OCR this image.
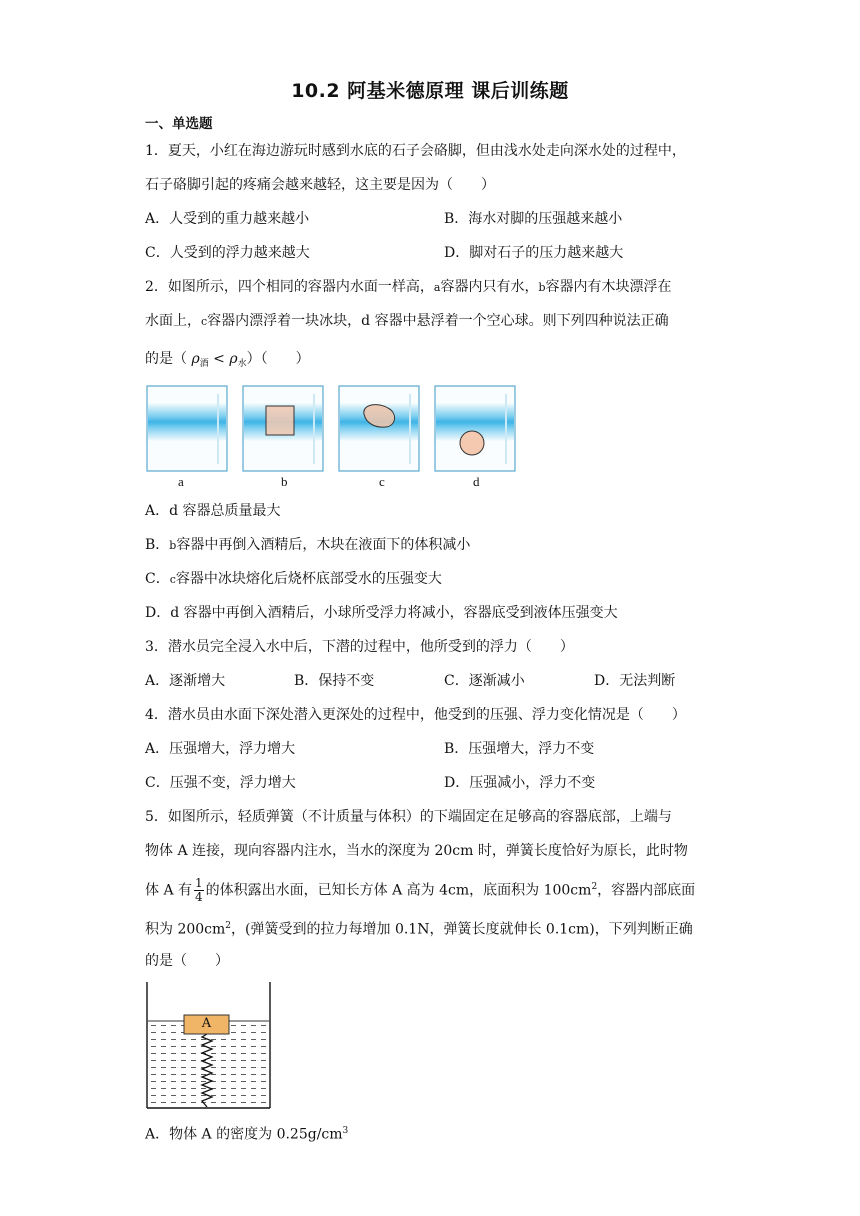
10.2 阿基米德原理 课后训练题
一、单选题
1．夏天，小红在海边游玩时感到水底的石子会硌脚，但由浅水处走向深水处的过程中，
石子硌脚引起的疼痛会越来越轻，这主要是因为（　　）
A．人受到的重力越来越小	B．海水对脚的压强越来越小
C．人受到的浮力越来越大	D．脚对石子的压力越来越大
2．如图所示，四个相同的容器内水面一样高，a容器内只有水，b容器内有木块漂浮在
水面上，c容器内漂浮着一块冰块，d 容器中悬浮着一个空心球。则下列四种说法正确
的是（ $\rho_酒 < \rho_水$）（　　）
a	b	c	d
A．d 容器总质量最大
B．b容器中再倒入酒精后，木块在液面下的体积减小
C．c容器中冰块熔化后烧杯底部受水的压强变大
D．d 容器中再倒入酒精后，小球所受浮力将减小，容器底受到液体压强变大
3．潜水员完全浸入水中后，下潜的过程中，他所受到的浮力（　　）
A．逐渐增大	B．保持不变	C．逐渐减小	D．无法判断
4．潜水员由水面下深处潜入更深处的过程中，他受到的压强、浮力变化情况是（　　）
A．压强增大，浮力增大	B．压强增大，浮力不变
C．压强不变，浮力增大	D．压强减小，浮力不变
5．如图所示，轻质弹簧（不计质量与体积）的下端固定在足够高的容器底部，上端与
物体 A 连接，现向容器内注水，当水的深度为 20cm 时，弹簧长度恰好为原长，此时物
体 A 有 $\frac{1}{4}$ 的体积露出水面，已知长方体 A 高为 4cm，底面积为 $100cm^2$，容器内部底面
积为 $200cm^2$，(弹簧受到的拉力每增加 0.1N，弹簧长度就伸长 0.1cm)，下列判断正确
的是（　　）
A
A．物体 A 的密度为 $0.25g/cm^3$
